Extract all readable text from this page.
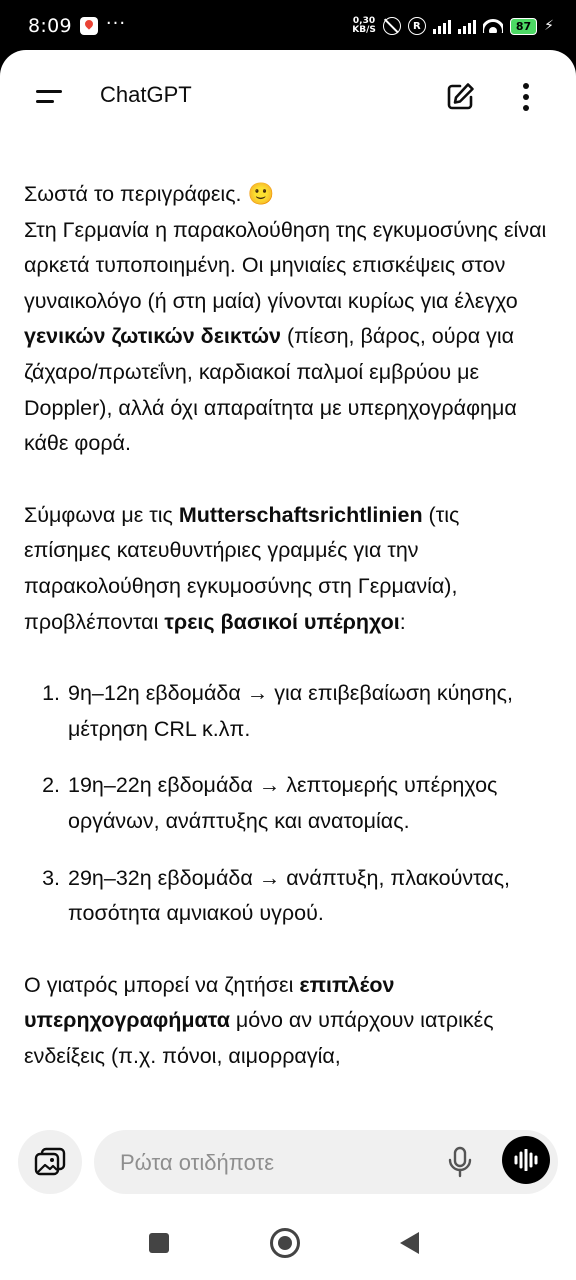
8:09 ···	0,30
KB/S	R	87 ⚡
ChatGPT

Σωστά το περιγράφεις. 🙂
Στη Γερμανία η παρακολούθηση της εγκυμοσύνης είναι αρκετά τυποποιημένη. Οι μηνιαίες επισκέψεις στον γυναικολόγο (ή στη μαία) γίνονται κυρίως για έλεγχο γενικών ζωτικών δεικτών (πίεση, βάρος, ούρα για ζάχαρο/πρωτεΐνη, καρδιακοί παλμοί εμβρύου με Doppler), αλλά όχι απαραίτητα με υπερηχογράφημα κάθε φορά.

Σύμφωνα με τις Mutterschaftsrichtlinien (τις επίσημες κατευθυντήριες γραμμές για την παρακολούθηση εγκυμοσύνης στη Γερμανία), προβλέπονται τρεις βασικοί υπέρηχοι:

1. 9η–12η εβδομάδα → για επιβεβαίωση κύησης, μέτρηση CRL κ.λπ.
2. 19η–22η εβδομάδα → λεπτομερής υπέρηχος οργάνων, ανάπτυξης και ανατομίας.
3. 29η–32η εβδομάδα → ανάπτυξη, πλακούντας, ποσότητα αμνιακού υγρού.

Ο γιατρός μπορεί να ζητήσει επιπλέον υπερηχογραφήματα μόνο αν υπάρχουν ιατρικές ενδείξεις (π.χ. πόνοι, αιμορραγία,

Ρώτα οτιδήποτε
